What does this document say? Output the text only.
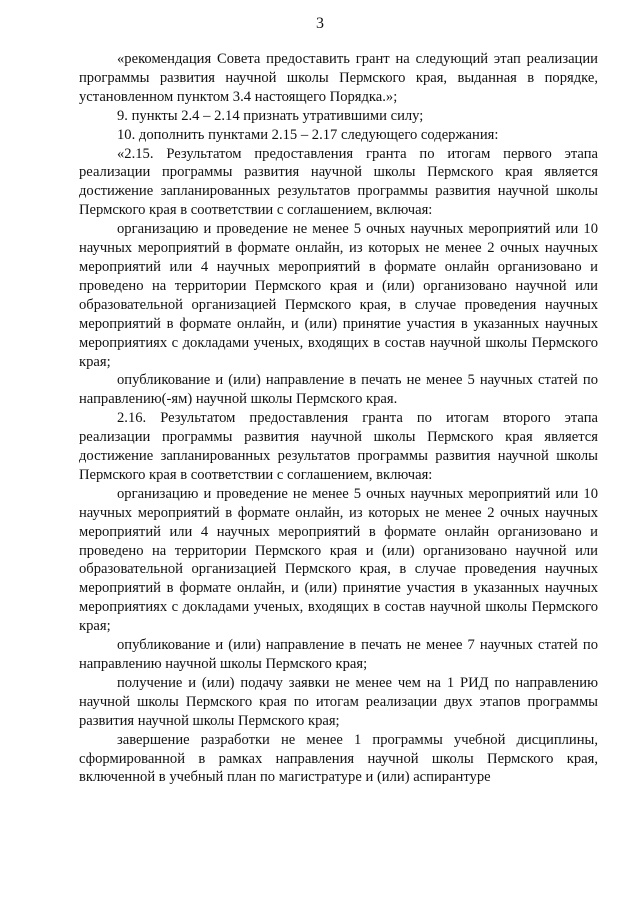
3

«рекомендация Совета предоставить грант на следующий этап реализации программы развития научной школы Пермского края, выданная в порядке, установленном пунктом 3.4 настоящего Порядка.»;

9. пункты 2.4 – 2.14 признать утратившими силу;

10. дополнить пунктами 2.15 – 2.17 следующего содержания:

«2.15. Результатом предоставления гранта по итогам первого этапа реализации программы развития научной школы Пермского края является достижение запланированных результатов программы развития научной школы Пермского края в соответствии с соглашением, включая:

организацию и проведение не менее 5 очных научных мероприятий или 10 научных мероприятий в формате онлайн, из которых не менее 2 очных научных мероприятий или 4 научных мероприятий в формате онлайн организовано и проведено на территории Пермского края и (или) организовано научной или образовательной организацией Пермского края, в случае проведения научных мероприятий в формате онлайн, и (или) принятие участия в указанных научных мероприятиях с докладами ученых, входящих в состав научной школы Пермского края;

опубликование и (или) направление в печать не менее 5 научных статей по направлению(-ям) научной школы Пермского края.

2.16. Результатом предоставления гранта по итогам второго этапа реализации программы развития научной школы Пермского края является достижение запланированных результатов программы развития научной школы Пермского края в соответствии с соглашением, включая:

организацию и проведение не менее 5 очных научных мероприятий или 10 научных мероприятий в формате онлайн, из которых не менее 2 очных научных мероприятий или 4 научных мероприятий в формате онлайн организовано и проведено на территории Пермского края и (или) организовано научной или образовательной организацией Пермского края, в случае проведения научных мероприятий в формате онлайн, и (или) принятие участия в указанных научных мероприятиях с докладами ученых, входящих в состав научной школы Пермского края;

опубликование и (или) направление в печать не менее 7 научных статей по направлению научной школы Пермского края;

получение и (или) подачу заявки не менее чем на 1 РИД по направлению научной школы Пермского края по итогам реализации двух этапов программы развития научной школы Пермского края;

завершение разработки не менее 1 программы учебной дисциплины, сформированной в рамках направления научной школы Пермского края, включенной в учебный план по магистратуре и (или) аспирантуре
